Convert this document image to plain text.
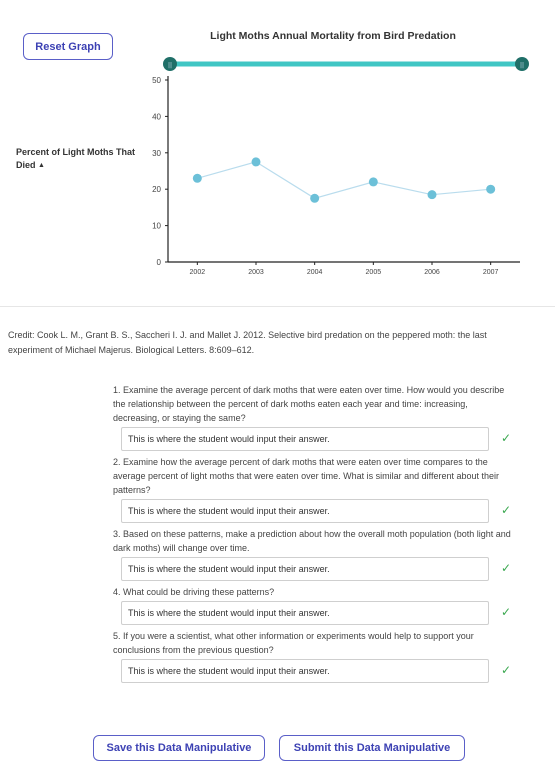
Light Moths Annual Mortality from Bird Predation
||	||
0
10
20
30
40
50
2002	2003	2004	2005	2006	2007
Reset Graph
Percent of Light Moths That Died ▲
Credit: Cook L. M., Grant B. S., Saccheri I. J. and Mallet J. 2012. Selective bird predation on the peppered moth: the last experiment of Michael Majerus. Biological Letters. 8:609–612.
1. Examine the average percent of dark moths that were eaten over time. How would you describe the relationship between the percent of dark moths eaten each year and time: increasing, decreasing, or staying the same?
This is where the student would input their answer.	✓
2. Examine how the average percent of dark moths that were eaten over time compares to the average percent of light moths that were eaten over time. What is similar and different about their patterns?
This is where the student would input their answer.	✓
3. Based on these patterns, make a prediction about how the overall moth population (both light and dark moths) will change over time.
This is where the student would input their answer.	✓
4. What could be driving these patterns?
This is where the student would input their answer.	✓
5. If you were a scientist, what other information or experiments would help to support your conclusions from the previous question?
This is where the student would input their answer.	✓
Save this Data Manipulative	Submit this Data Manipulative
